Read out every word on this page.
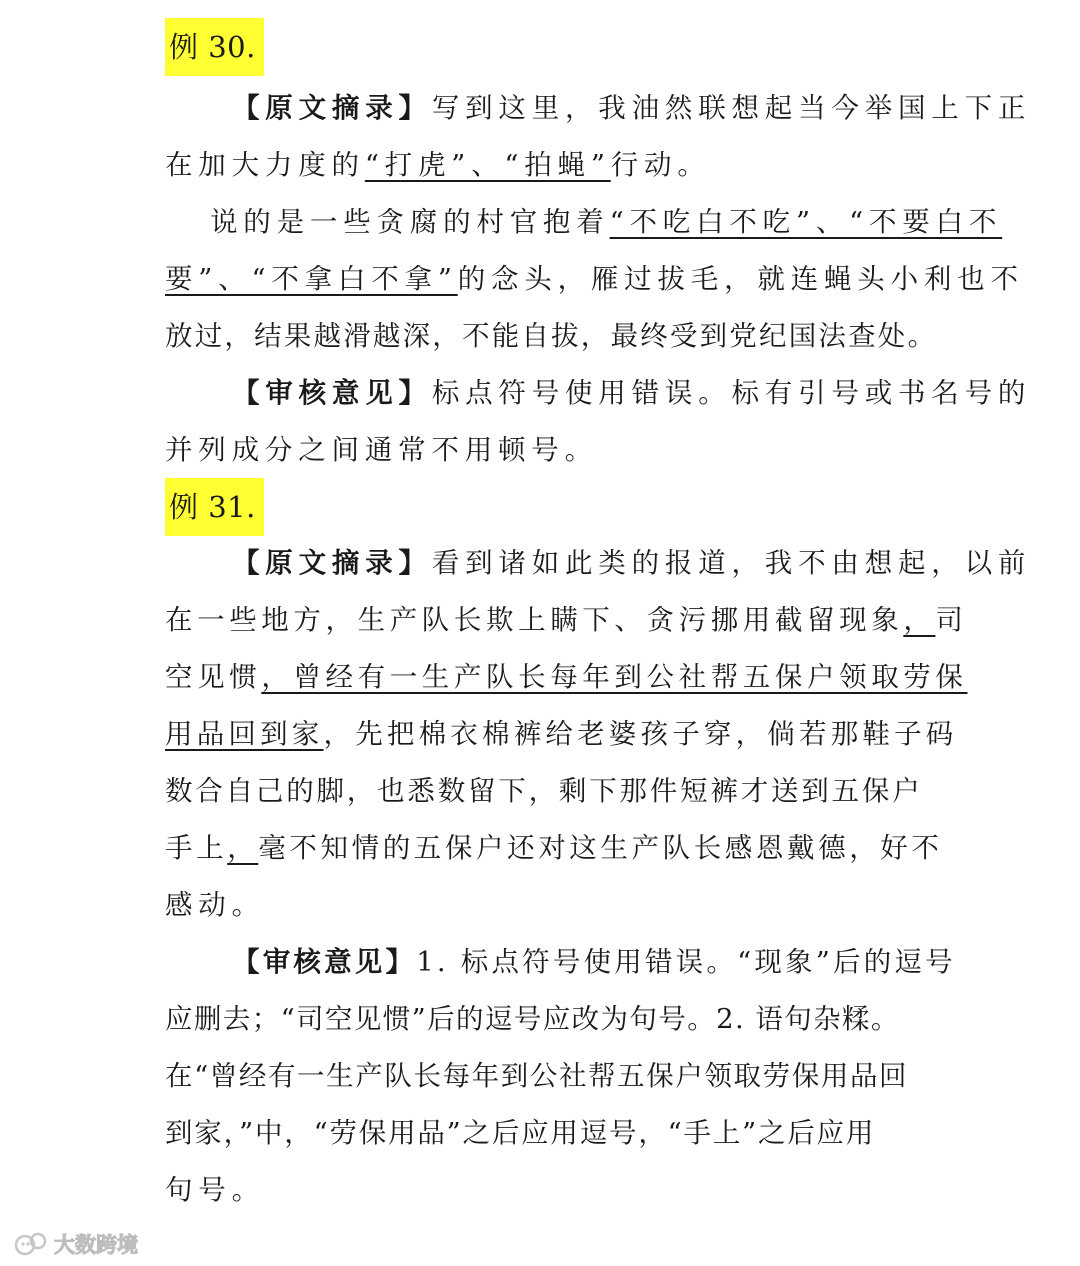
例 30.
【原文摘录】写到这里，我油然联想起当今举国上下正
在加大力度的“打虎”、“拍蝇”行动。
说的是一些贪腐的村官抱着“不吃白不吃”、“不要白不
要”、“不拿白不拿”的念头，雁过拔毛，就连蝇头小利也不
放过，结果越滑越深，不能自拔，最终受到党纪国法查处。
【审核意见】标点符号使用错误。标有引号或书名号的
并列成分之间通常不用顿号。
例 31.
【原文摘录】看到诸如此类的报道，我不由想起，以前
在一些地方，生产队长欺上瞒下、贪污挪用截留现象，司
空见惯，曾经有一生产队长每年到公社帮五保户领取劳保
用品回到家，先把棉衣棉裤给老婆孩子穿，倘若那鞋子码
数合自己的脚，也悉数留下，剩下那件短裤才送到五保户
手上，毫不知情的五保户还对这生产队长感恩戴德，好不
感动。
【审核意见】1. 标点符号使用错误。“现象”后的逗号
应删去；“司空见惯”后的逗号应改为句号。2. 语句杂糅。
在“曾经有一生产队长每年到公社帮五保户领取劳保用品回
到家，”中，“劳保用品”之后应用逗号，“手上”之后应用
句号。
大数跨境
